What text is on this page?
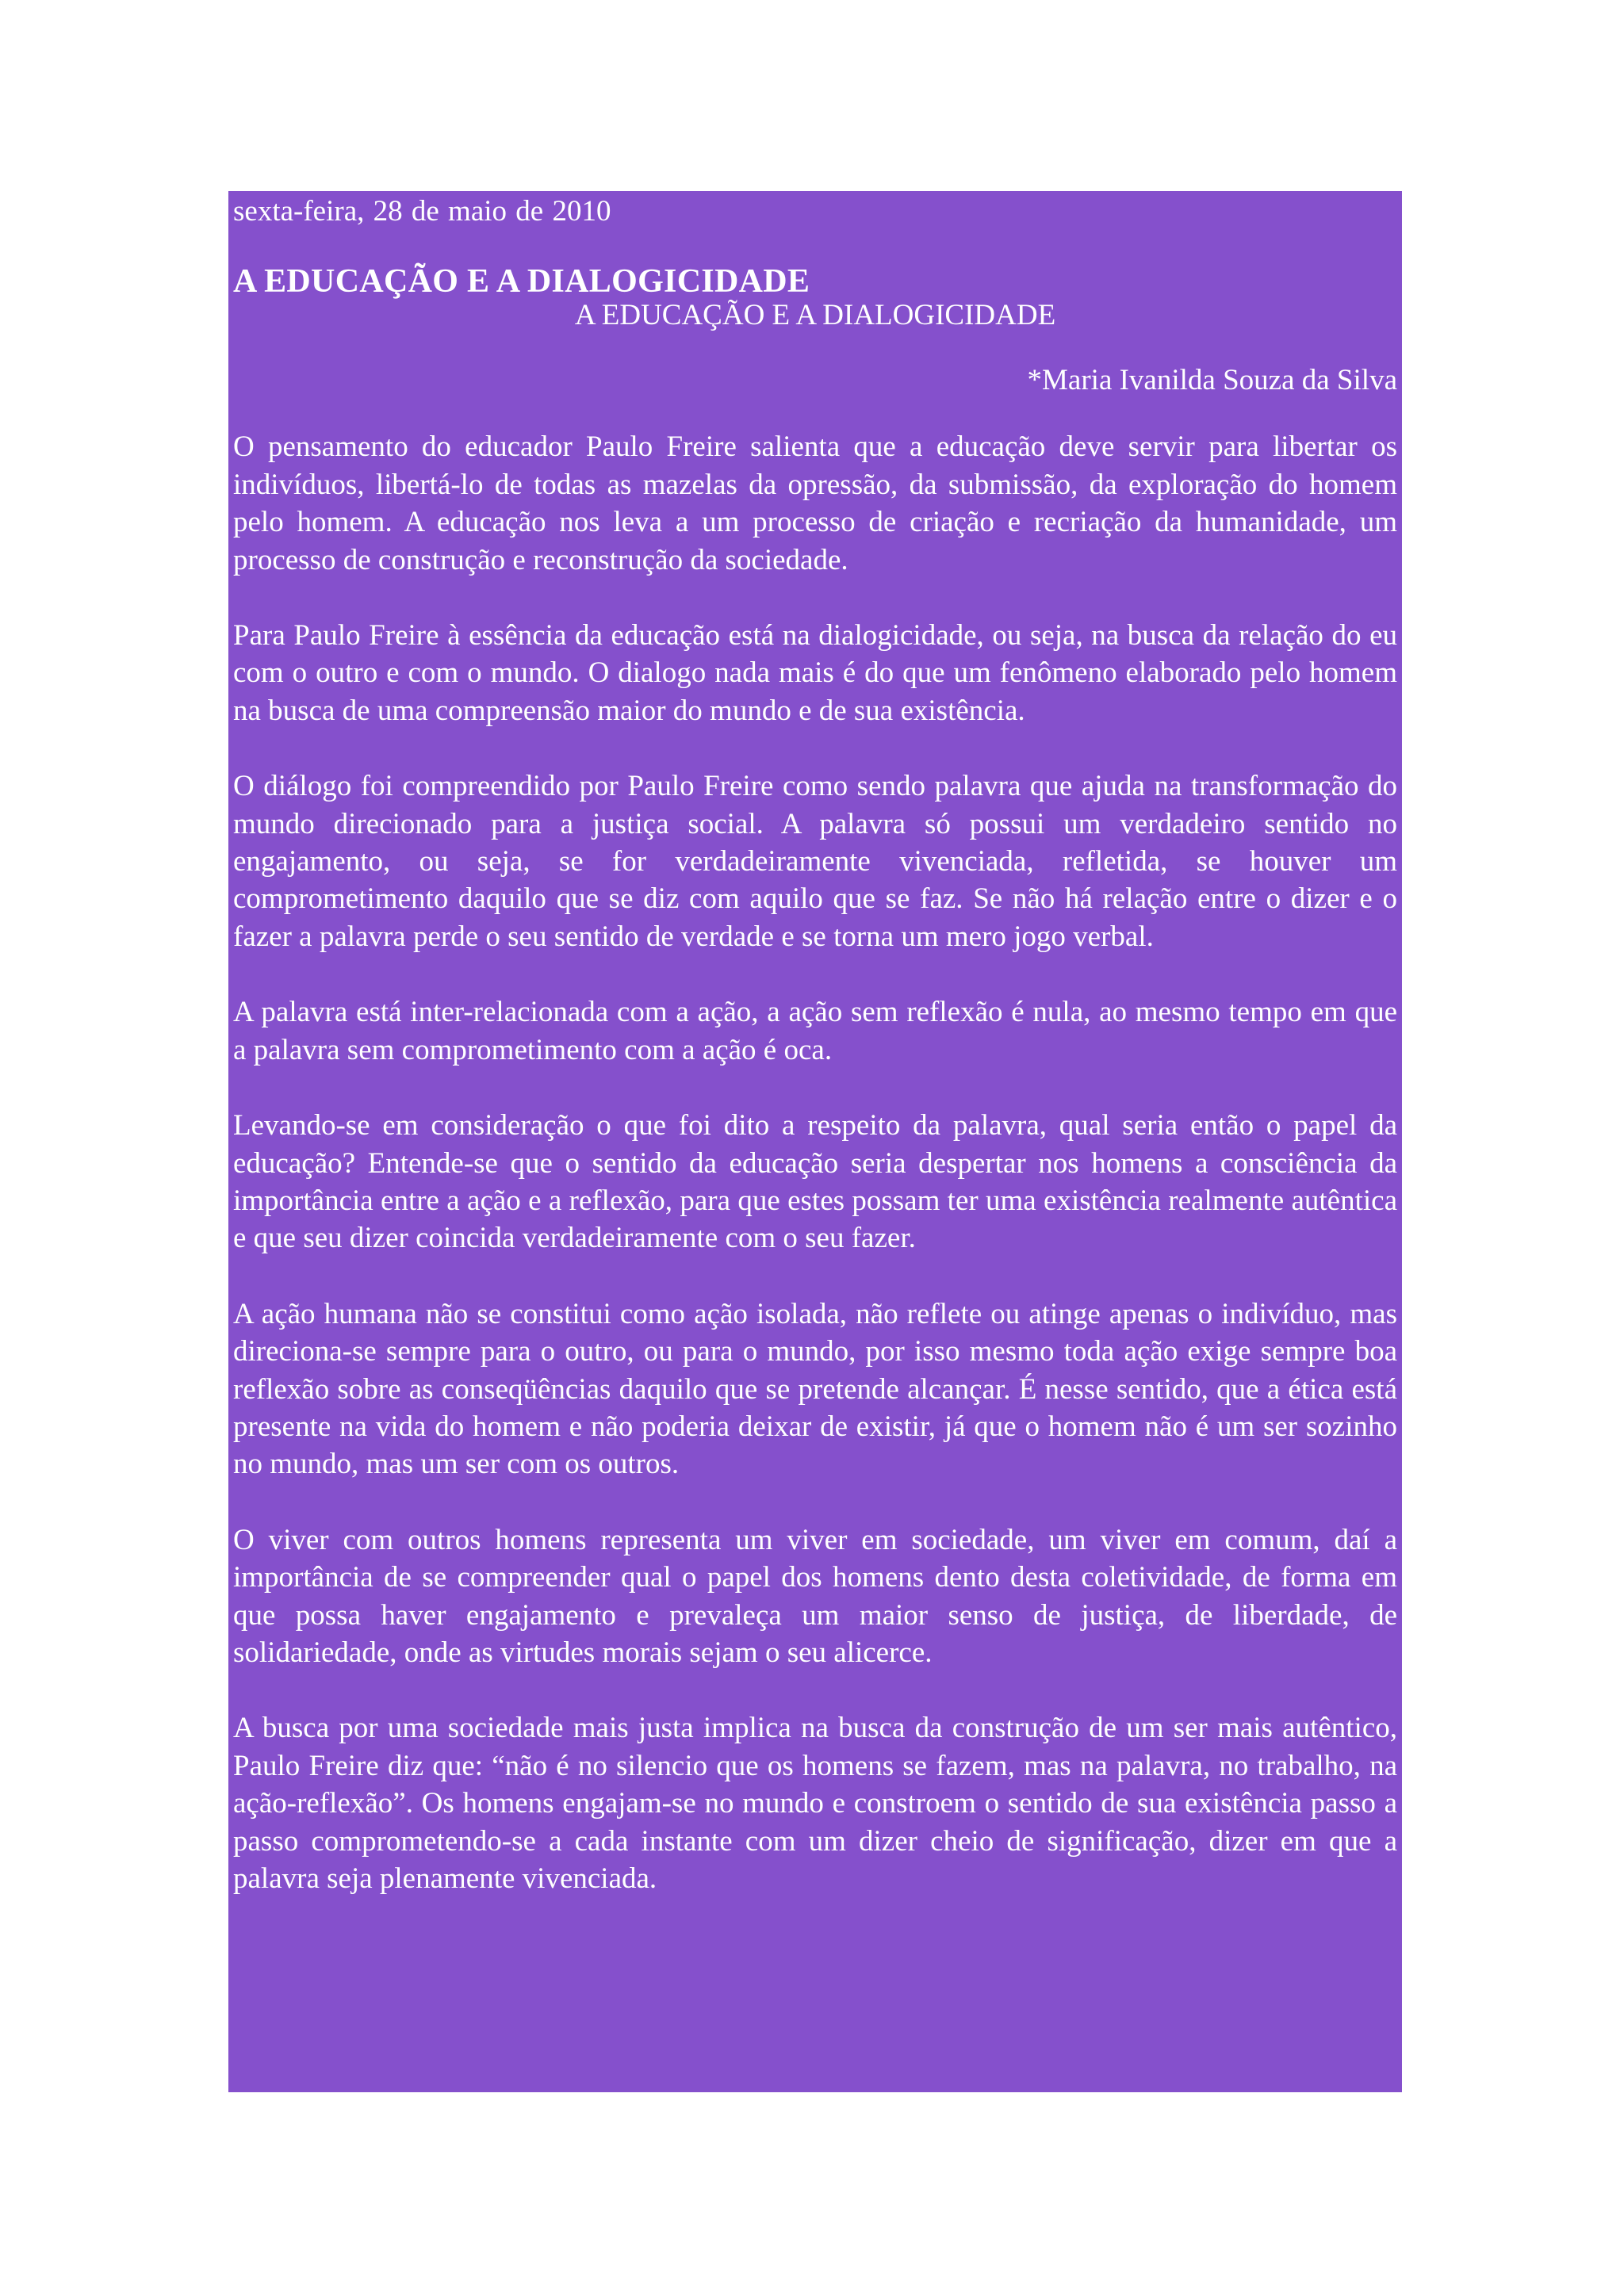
sexta-feira, 28 de maio de 2010
A EDUCAÇÃO E A DIALOGICIDADE
A EDUCAÇÃO E A DIALOGICIDADE
*Maria Ivanilda Souza da Silva

O pensamento do educador Paulo Freire salienta que a educação deve servir para libertar os indivíduos, libertá-lo de todas as mazelas da opressão, da submissão, da exploração do homem pelo homem. A educação nos leva a um processo de criação e recriação da humanidade, um processo de construção e reconstrução da sociedade.

Para Paulo Freire à essência da educação está na dialogicidade, ou seja, na busca da relação do eu com o outro e com o mundo. O dialogo nada mais é do que um fenômeno elaborado pelo homem na busca de uma compreensão maior do mundo e de sua existência.

O diálogo foi compreendido por Paulo Freire como sendo palavra que ajuda na transformação do mundo direcionado para a justiça social. A palavra só possui um verdadeiro sentido no engajamento, ou seja, se for verdadeiramente vivenciada, refletida, se houver um comprometimento daquilo que se diz com aquilo que se faz. Se não há relação entre o dizer e o fazer a palavra perde o seu sentido de verdade e se torna um mero jogo verbal.

A palavra está inter-relacionada com a ação, a ação sem reflexão é nula, ao mesmo tempo em que a palavra sem comprometimento com a ação é oca.

Levando-se em consideração o que foi dito a respeito da palavra, qual seria então o papel da educação? Entende-se que o sentido da educação seria despertar nos homens a consciência da importância entre a ação e a reflexão, para que estes possam ter uma existência realmente autêntica e que seu dizer coincida verdadeiramente com o seu fazer.

A ação humana não se constitui como ação isolada, não reflete ou atinge apenas o indivíduo, mas direciona-se sempre para o outro, ou para o mundo, por isso mesmo toda ação exige sempre boa reflexão sobre as conseqüências daquilo que se pretende alcançar. É nesse sentido, que a ética está presente na vida do homem e não poderia deixar de existir, já que o homem não é um ser sozinho no mundo, mas um ser com os outros.

O viver com outros homens representa um viver em sociedade, um viver em comum, daí a importância de se compreender qual o papel dos homens dento desta coletividade, de forma em que possa haver engajamento e prevaleça um maior senso de justiça, de liberdade, de solidariedade, onde as virtudes morais sejam o seu alicerce.

A busca por uma sociedade mais justa implica na busca da construção de um ser mais autêntico, Paulo Freire diz que: “não é no silencio que os homens se fazem, mas na palavra, no trabalho, na ação-reflexão”. Os homens engajam-se no mundo e constroem o sentido de sua existência passo a passo comprometendo-se a cada instante com um dizer cheio de significação, dizer em que a palavra seja plenamente vivenciada.
